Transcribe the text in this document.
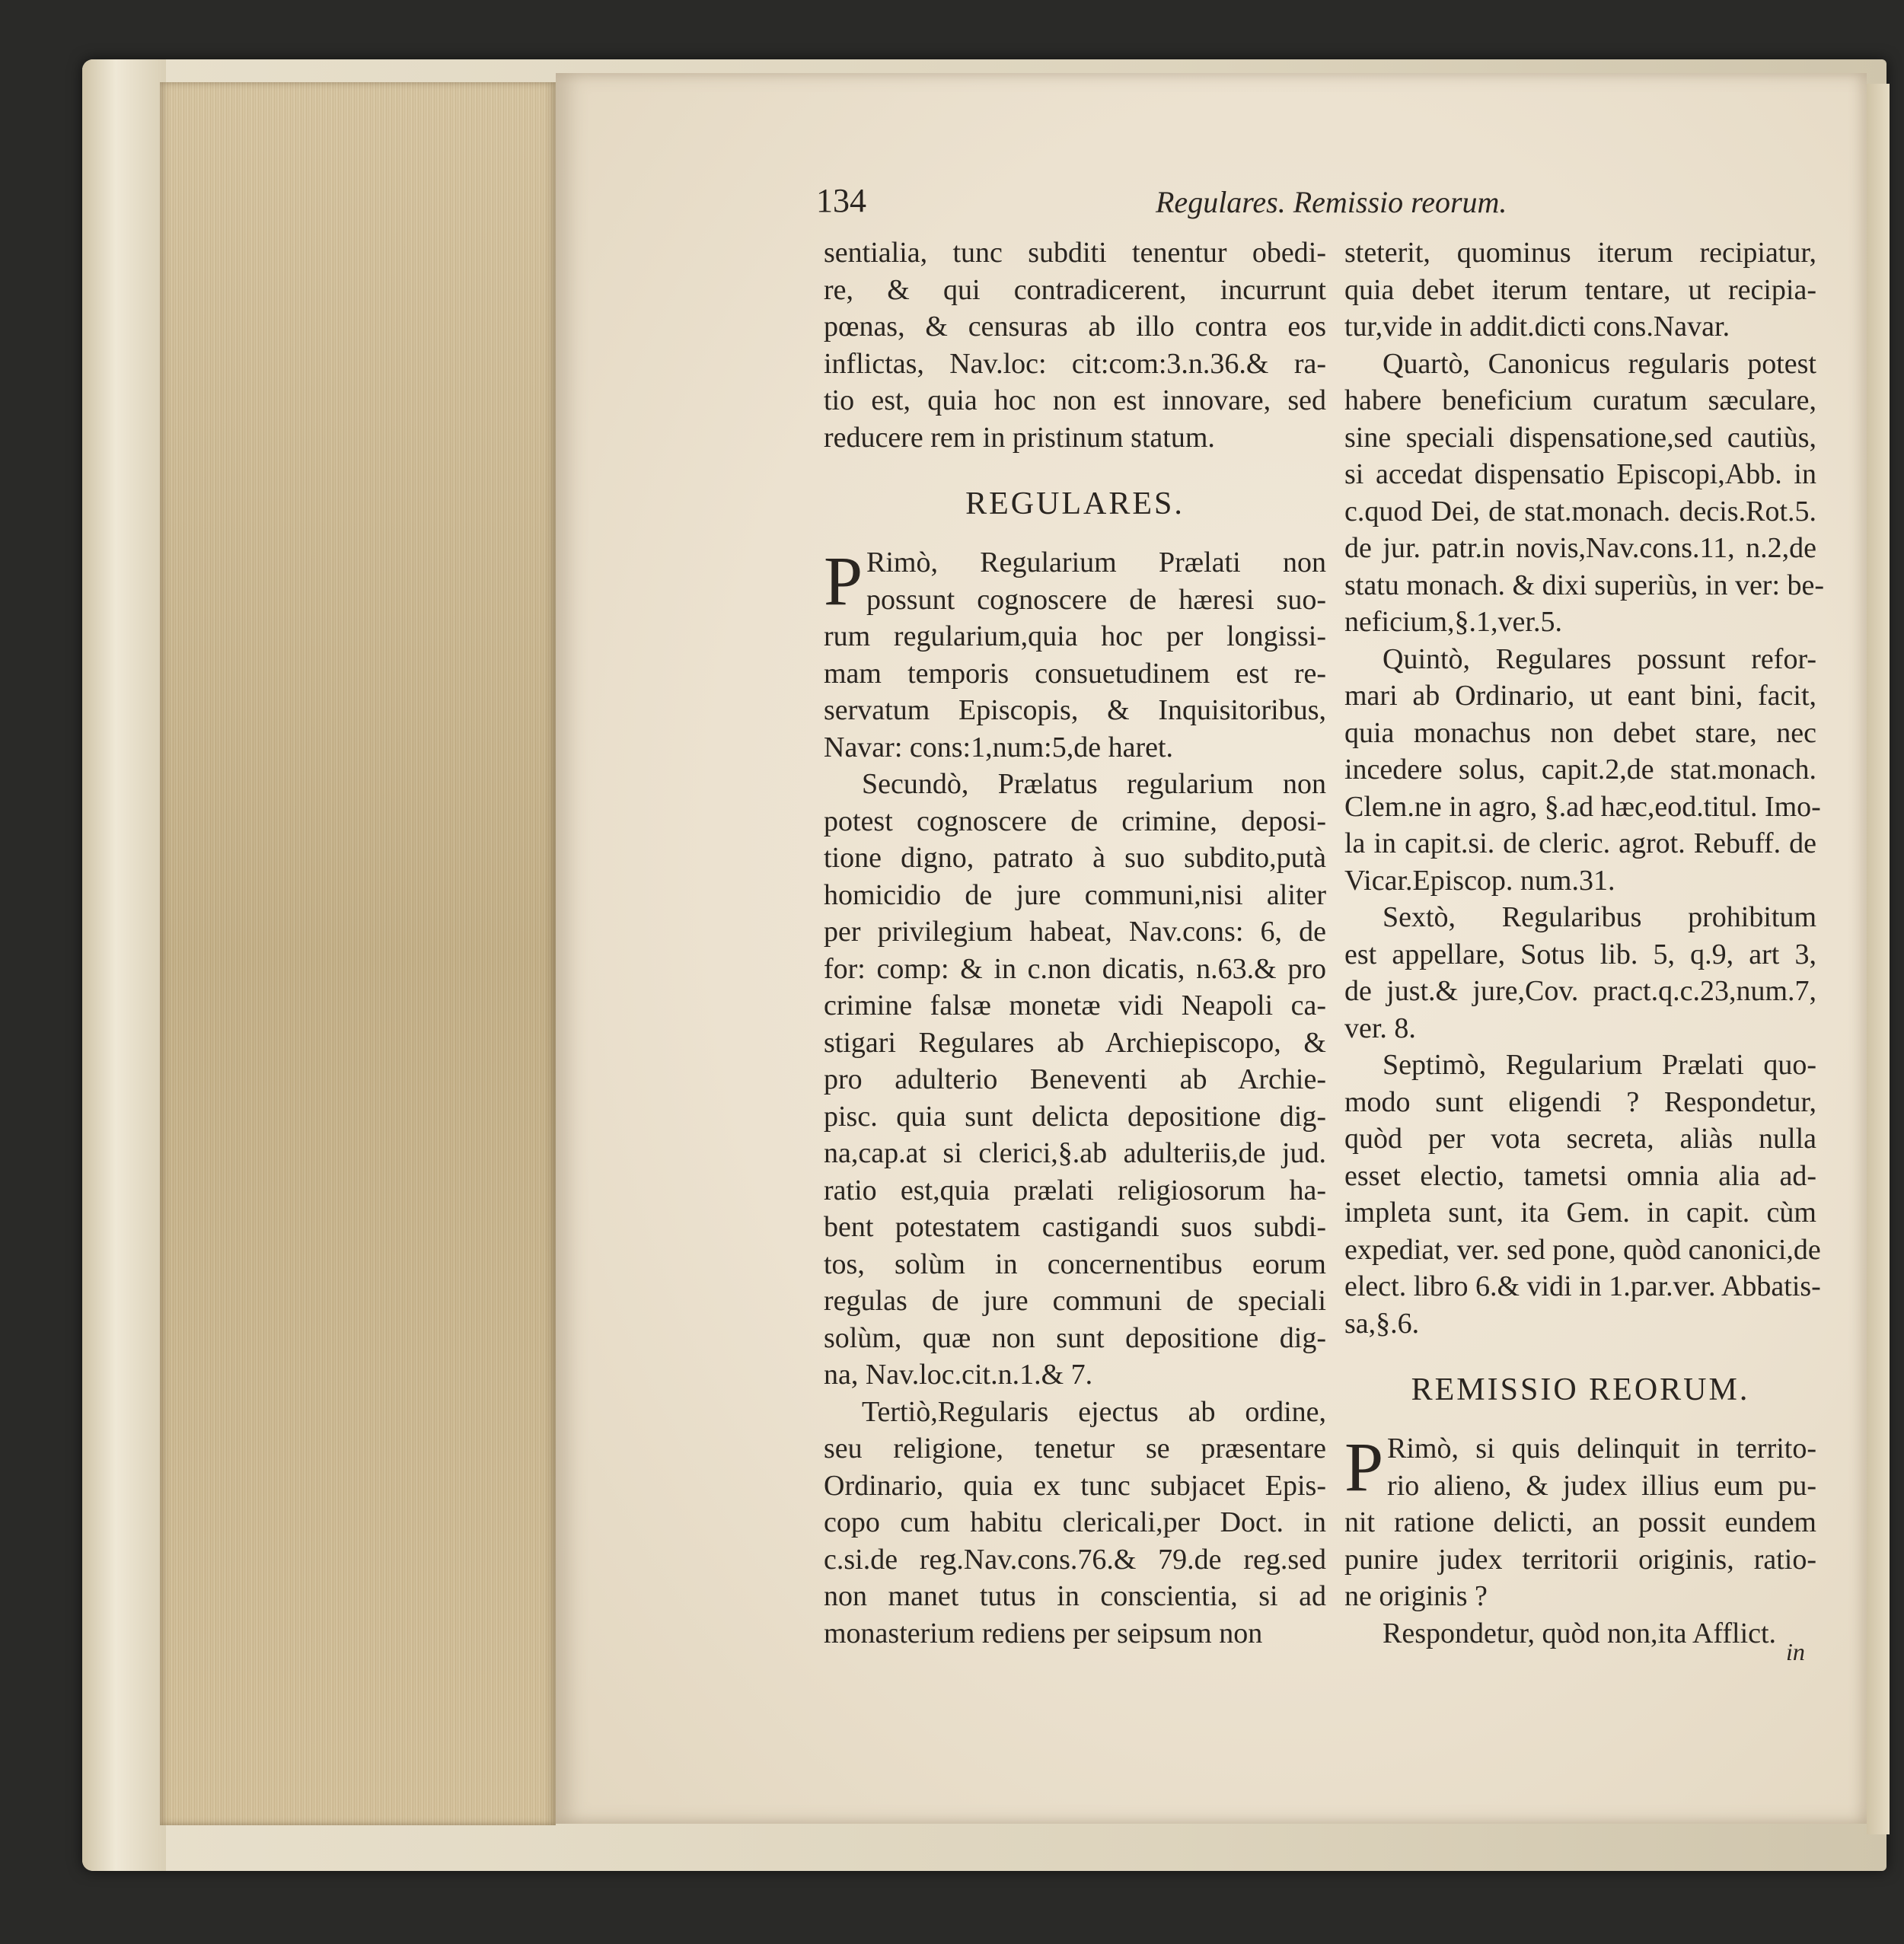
134	Regulares. Remissio reorum.
sentialia, tunc subditi tenentur obedi-
re, & qui contradicerent, incurrunt
pœnas, & censuras ab illo contra eos
inflictas, Nav.loc: cit:com:3.n.36.& ra-
tio est, quia hoc non est innovare, sed
reducere rem in pristinum statum.
REGULARES.
P Rimò, Regularium Prælati non
possunt cognoscere de hæresi suo-
rum regularium,quia hoc per longissi-
mam temporis consuetudinem est re-
servatum Episcopis, & Inquisitoribus,
Navar: cons:1,num:5,de haret.
Secundò, Prælatus regularium non
potest cognoscere de crimine, deposi-
tione digno, patrato à suo subdito,putà
homicidio de jure communi,nisi aliter
per privilegium habeat, Nav.cons: 6, de
for: comp: & in c.non dicatis, n.63.& pro
crimine falsæ monetæ vidi Neapoli ca-
stigari Regulares ab Archiepiscopo, &
pro adulterio Beneventi ab Archie-
pisc. quia sunt delicta depositione dig-
na,cap.at si clerici,§.ab adulteriis,de jud.
ratio est,quia prælati religiosorum ha-
bent potestatem castigandi suos subdi-
tos, solùm in concernentibus eorum
regulas de jure communi de speciali
solùm, quæ non sunt depositione dig-
na, Nav.loc.cit.n.1.& 7.
Tertiò,Regularis ejectus ab ordine,
seu religione, tenetur se præsentare
Ordinario, quia ex tunc subjacet Epis-
copo cum habitu clericali,per Doct. in
c.si.de reg.Nav.cons.76.& 79.de reg.sed
non manet tutus in conscientia, si ad
monasterium rediens per seipsum non
steterit, quominus iterum recipiatur,
quia debet iterum tentare, ut recipia-
tur,vide in addit.dicti cons.Navar.
Quartò, Canonicus regularis potest
habere beneficium curatum sæculare,
sine speciali dispensatione,sed cautiùs,
si accedat dispensatio Episcopi,Abb. in
c.quod Dei, de stat.monach. decis.Rot.5.
de jur. patr.in novis,Nav.cons.11, n.2,de
statu monach. & dixi superiùs, in ver: be-
neficium,§.1,ver.5.
Quintò, Regulares possunt refor-
mari ab Ordinario, ut eant bini, facit,
quia monachus non debet stare, nec
incedere solus, capit.2,de stat.monach.
Clem.ne in agro, §.ad hæc,eod.titul. Imo-
la in capit.si. de cleric. agrot. Rebuff. de
Vicar.Episcop. num.31.
Sextò, Regularibus prohibitum
est appellare, Sotus lib. 5, q.9, art 3,
de just.& jure,Cov. pract.q.c.23,num.7,
ver. 8.
Septimò, Regularium Prælati quo-
modo sunt eligendi ? Respondetur,
quòd per vota secreta, aliàs nulla
esset electio, tametsi omnia alia ad-
impleta sunt, ita Gem. in capit. cùm
expediat, ver. sed pone, quòd canonici,de
elect. libro 6.& vidi in 1.par.ver. Abbatis-
sa,§.6.
REMISSIO REORUM.
P Rimò, si quis delinquit in territo-
rio alieno, & judex illius eum pu-
nit ratione delicti, an possit eundem
punire judex territorii originis, ratio-
ne originis ?
Respondetur, quòd non,ita Afflict.
in
